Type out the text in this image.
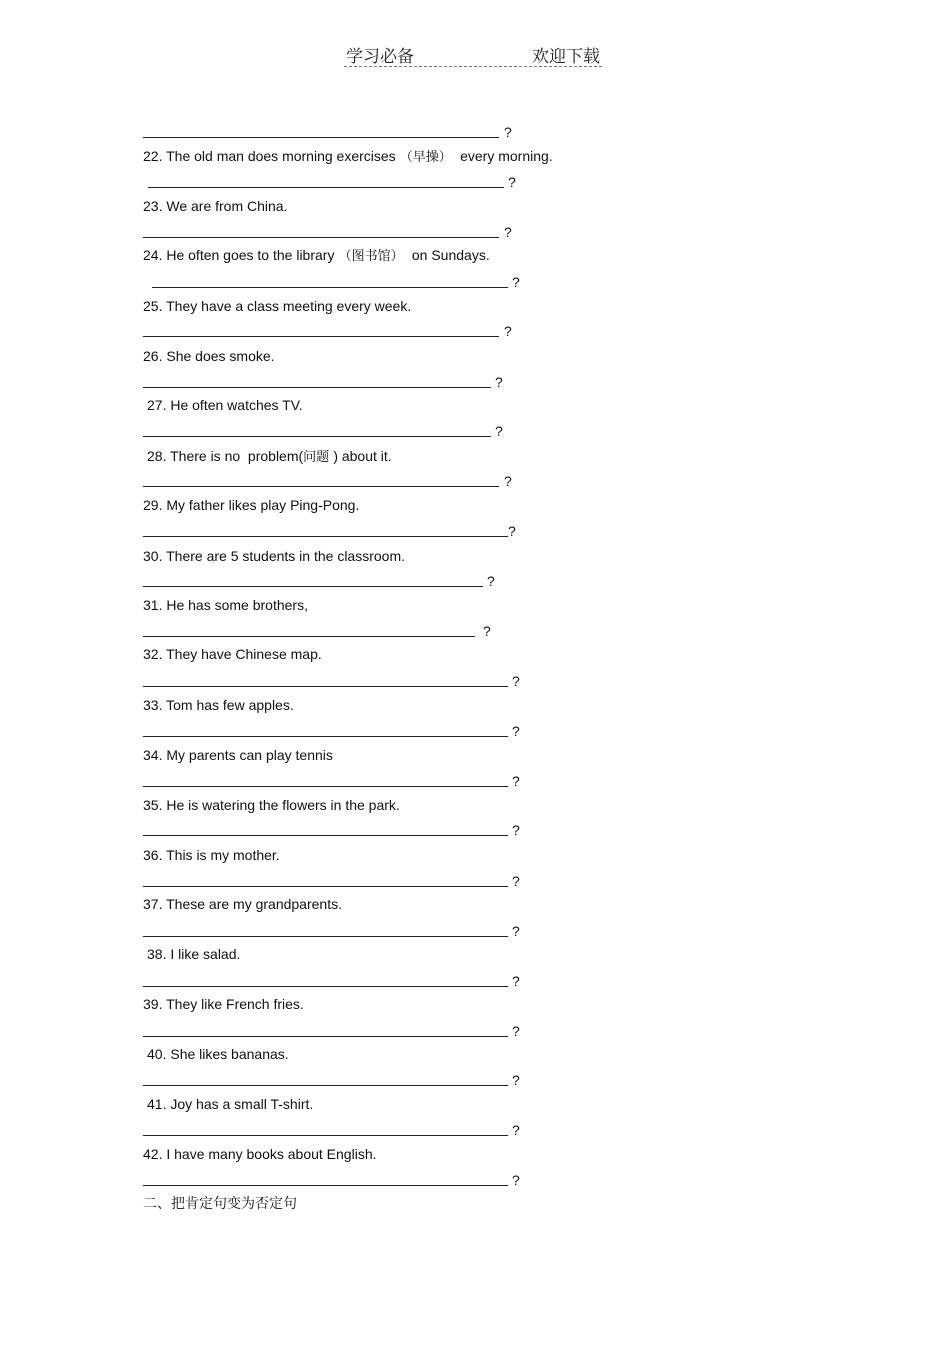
学习必备	欢迎下载
?
22. The old man does morning exercises （早操）  every morning.
?
23. We are from China.
?
24. He often goes to the library （图书馆）  on Sundays.
?
25. They have a class meeting every week.
?
26. She does smoke.
?
27. He often watches TV.
?
28. There is no  problem(问题 ) about it.
?
29. My father likes play Ping-Pong.
?
30. There are 5 students in the classroom.
?
31. He has some brothers,
?
32. They have Chinese map.
?
33. Tom has few apples.
?
34. My parents can play tennis
?
35. He is watering the flowers in the park.
?
36. This is my mother.
?
37. These are my grandparents.
?
38. I like salad.
?
39. They like French fries.
?
40. She likes bananas.
?
41. Joy has a small T-shirt.
?
42. I have many books about English.
?
二、把肯定句变为否定句
